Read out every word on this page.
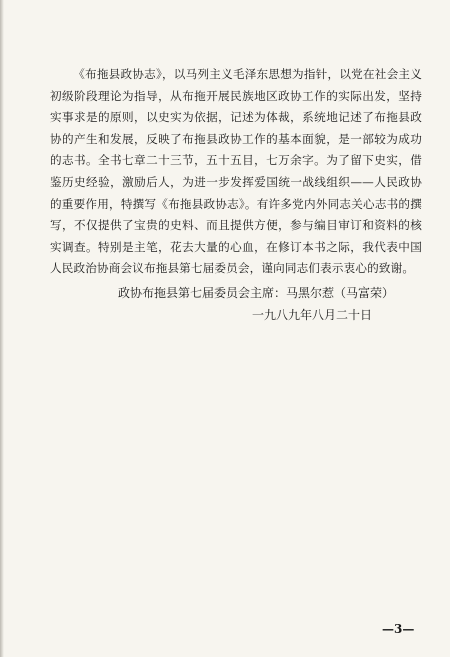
《布拖县政协志》，以马列主义毛泽东思想为指针，以党在社会主义初级阶段理论为指导，从布拖开展民族地区政协工作的实际出发，坚持实事求是的原则，以史实为依据，记述为体裁，系统地记述了布拖县政协的产生和发展，反映了布拖县政协工作的基本面貌，是一部较为成功的志书。全书七章二十三节，五十五目，七万余字。为了留下史实，借鉴历史经验，激励后人，为进一步发挥爱国统一战线组织——人民政协的重要作用，特撰写《布拖县政协志》。有许多党内外同志关心志书的撰写，不仅提供了宝贵的史料、而且提供方便，参与编目审订和资料的核实调查。特别是主笔，花去大量的心血，在修订本书之际，我代表中国人民政治协商会议布拖县第七届委员会，谨向同志们表示衷心的致谢。

政协布拖县第七届委员会主席：马黑尔惹（马富荣）
一九八九年八月二十日
—3—
